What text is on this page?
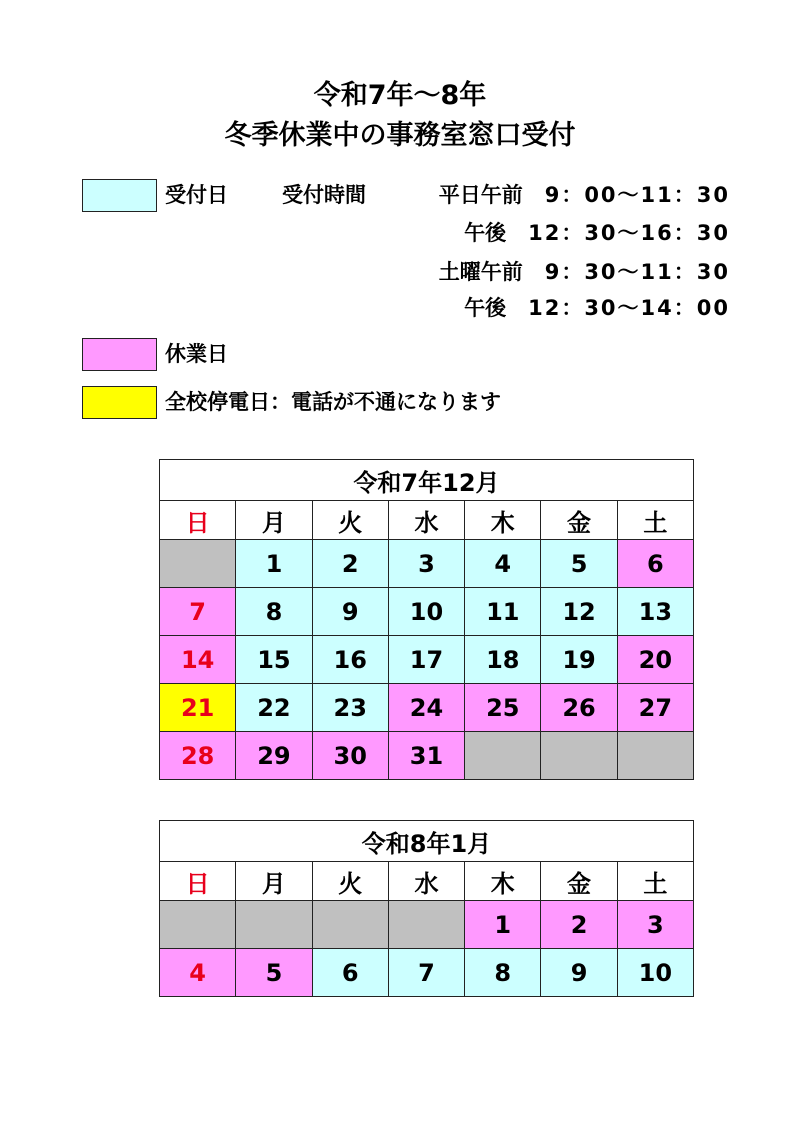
令和7年～8年
冬季休業中の事務室窓口受付
受付日	受付時間	平日午前 9：00～11：30
午後 12：30～16：30
土曜午前 9：30～11：30
午後 12：30～14：00
休業日
全校停電日：電話が不通になります
令和7年12月						
日	月	火	水	木	金	土
	1	2	3	4	5	6
7	8	9	10	11	12	13
14	15	16	17	18	19	20
21	22	23	24	25	26	27
28	29	30	31			
令和8年1月						
日	月	火	水	木	金	土
				1	2	3
4	5	6	7	8	9	10
